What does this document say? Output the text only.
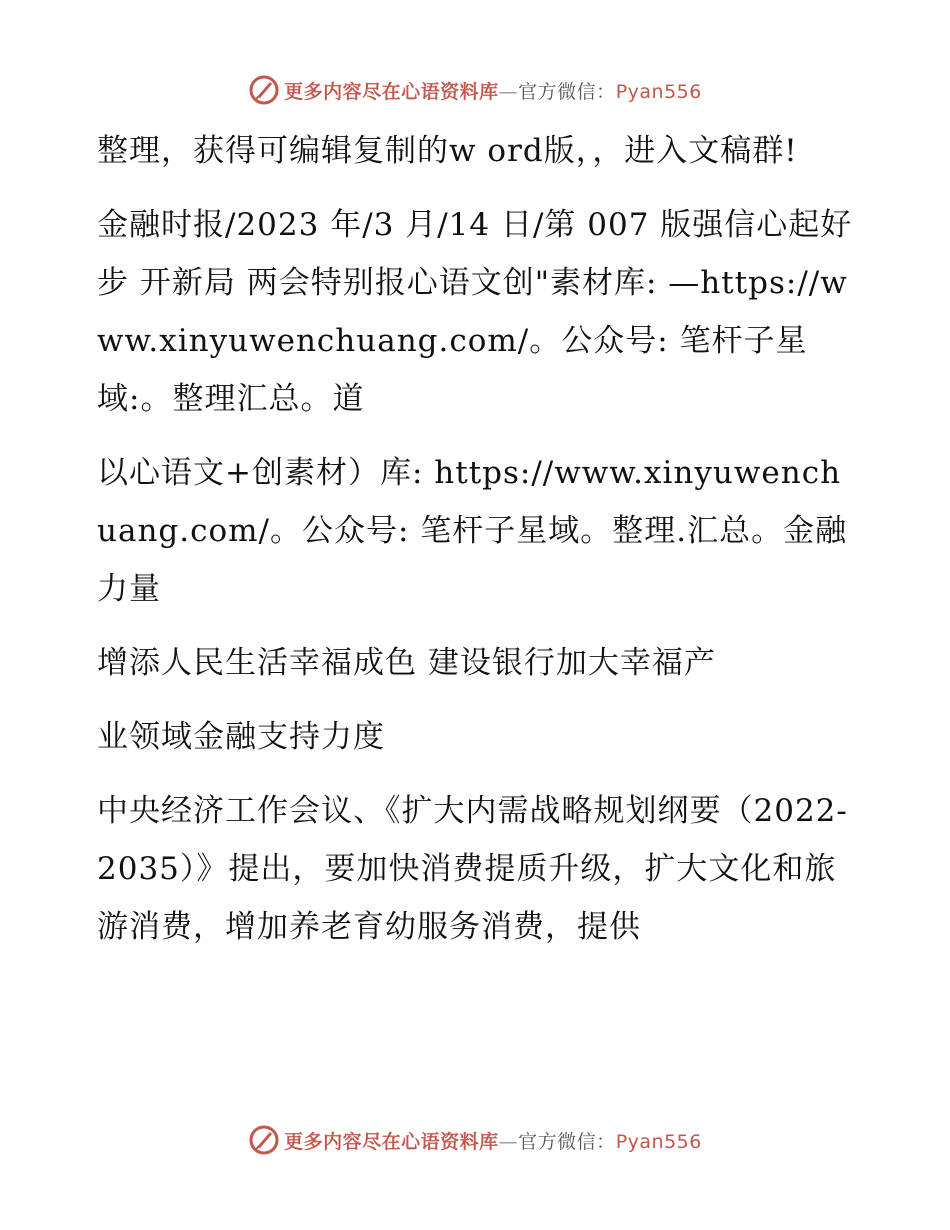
更多内容尽在心语资料库—官方微信：Pyan556

整理，获得可编辑复制的w ord版，，进入文稿群!

金融时报/2023 年/3 月/14 日/第 007 版强信心起好步 开新局 两会特别报心语文创"素材库: —https://www.xinyuwenchuang.com/。公众号: 笔杆子星域:。整理汇总。道

以心语文+创素材）库: https://www.xinyuwenchuang.com/。公众号: 笔杆子星域。整理.汇总。金融力量

增添人民生活幸福成色 建设银行加大幸福产

业领域金融支持力度

中央经济工作会议、《扩大内需战略规划纲要（2022-2035）》提出，要加快消费提质升级，扩大文化和旅游消费，增加养老育幼服务消费，提供

更多内容尽在心语资料库—官方微信：Pyan556
